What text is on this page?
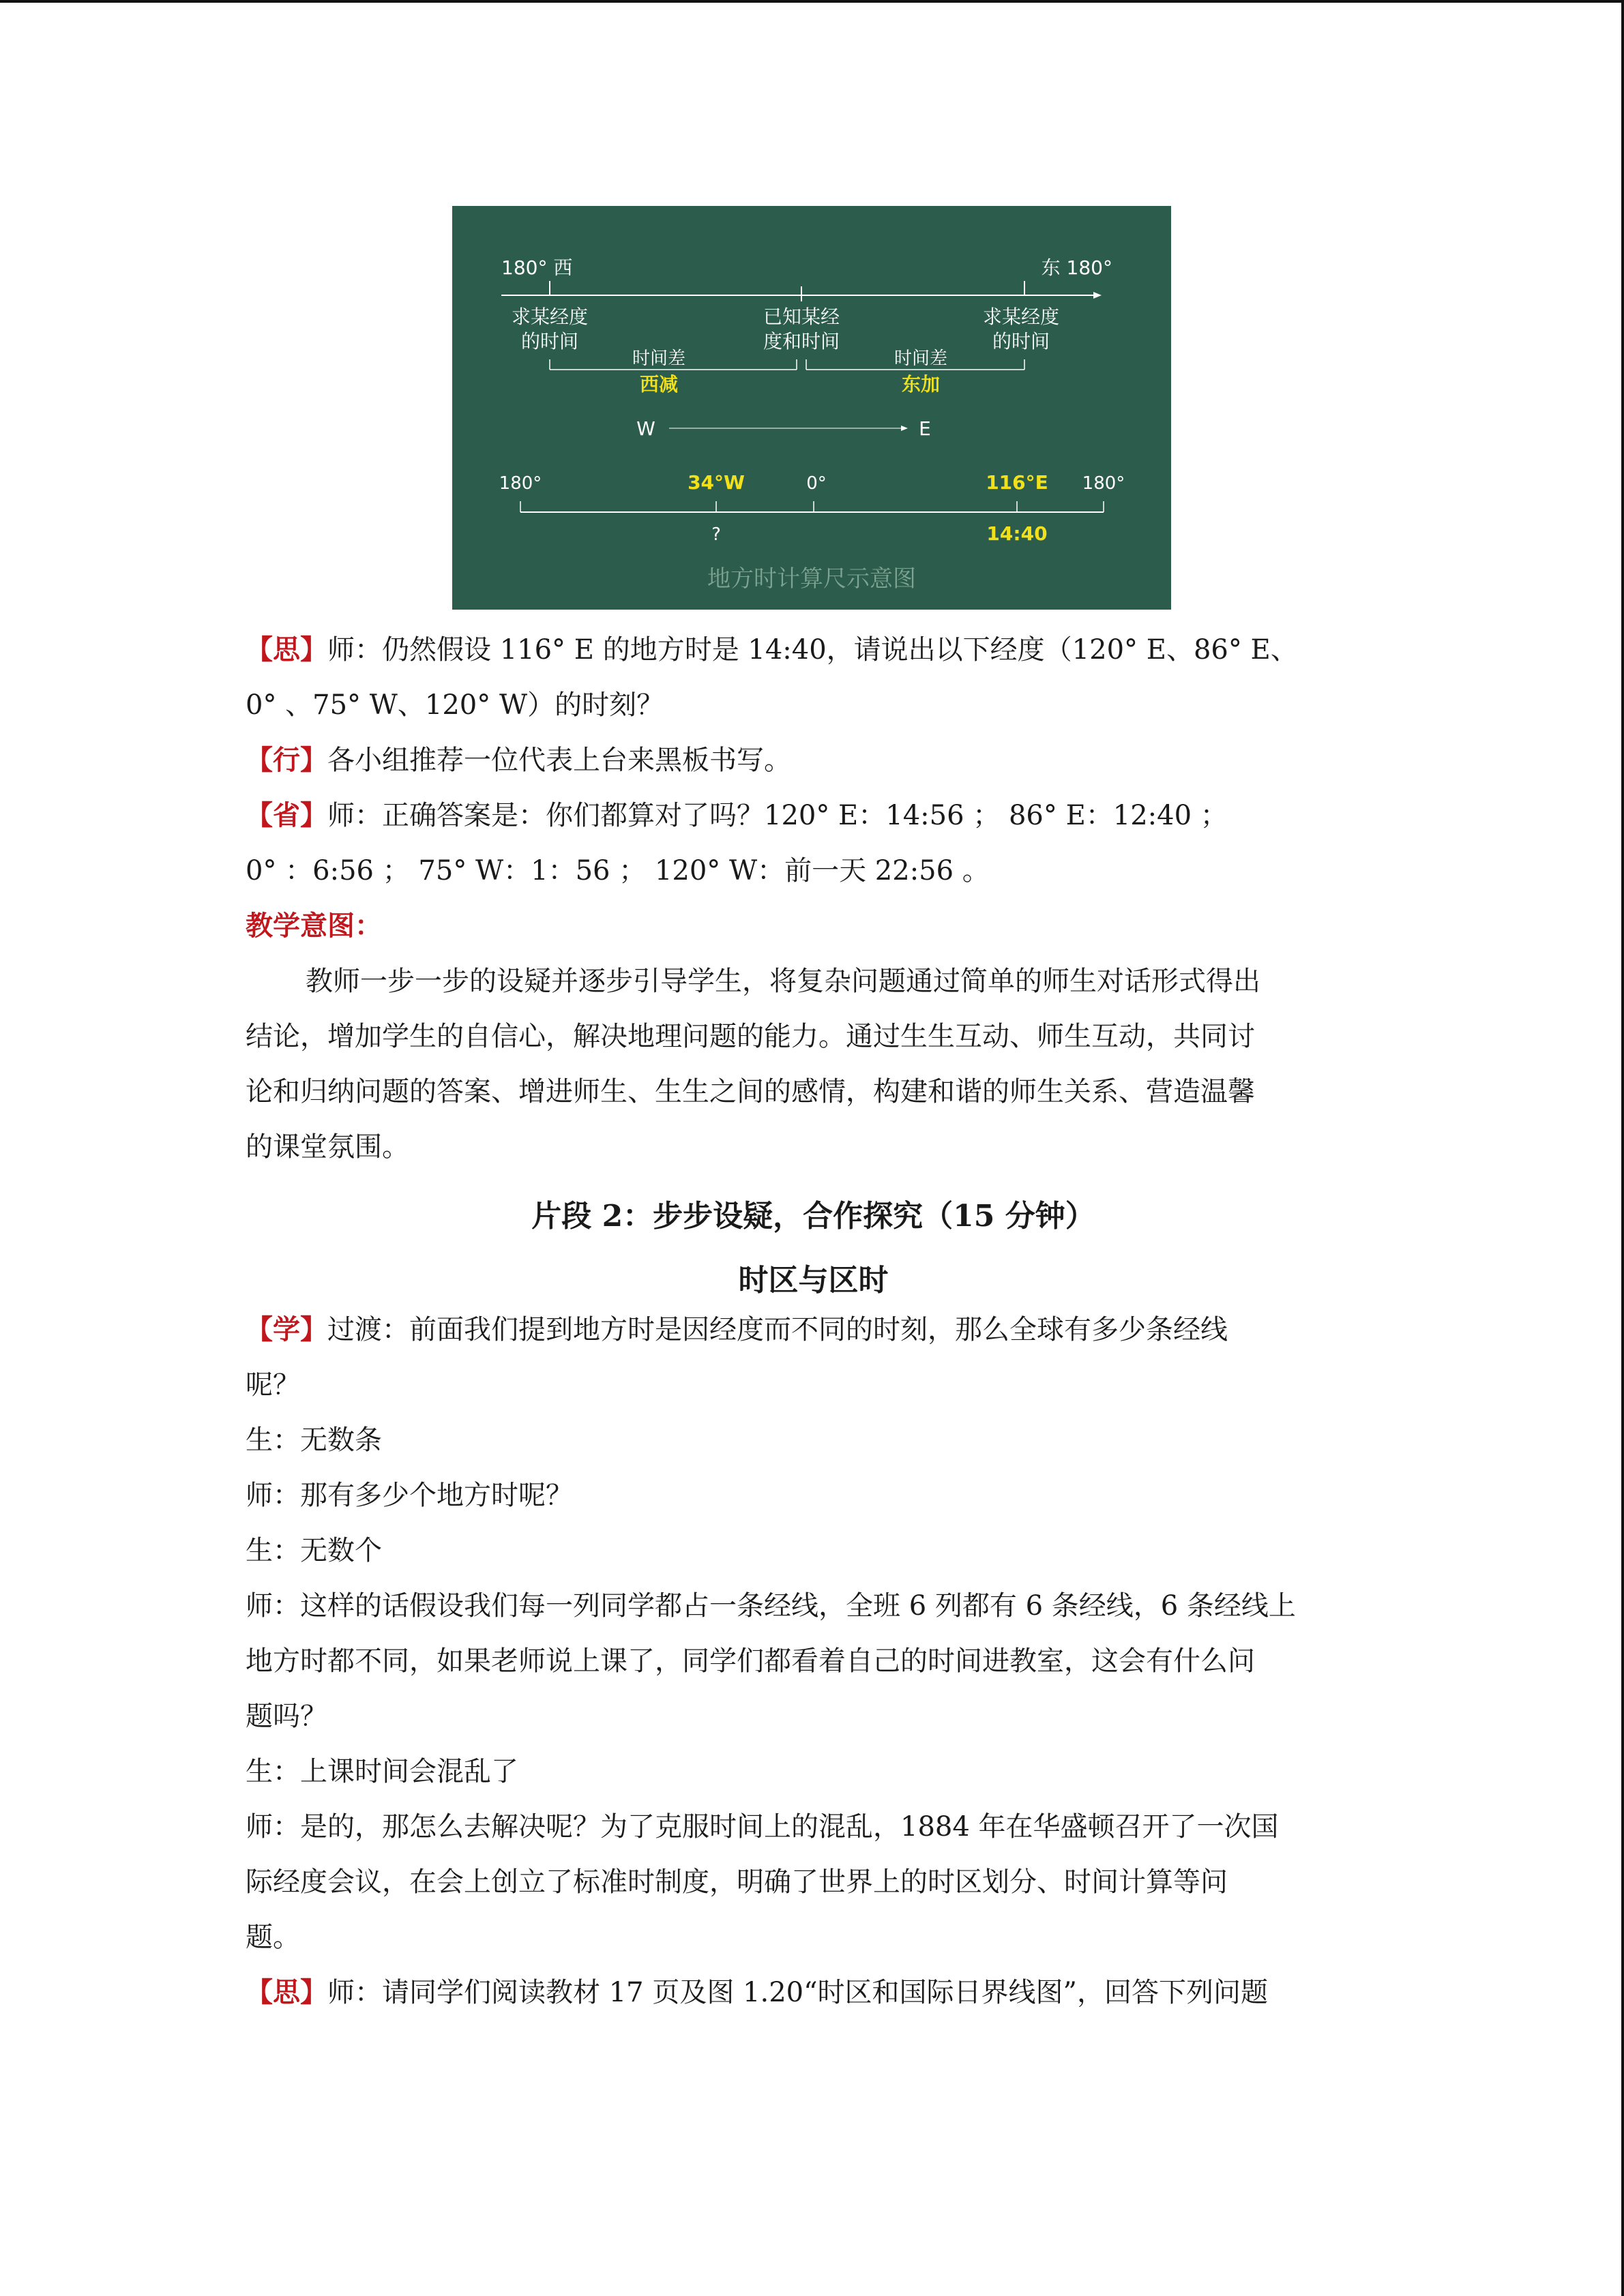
180° 西	东 180°
求某经度
的时间
已知某经
度和时间
求某经度
的时间
时间差	时间差
西减	东加
W	E
180°	34°W	0°	116°E 180°
?	14:40
地方时计算尺示意图
【思】师：仍然假设 116° E 的地方时是 14:40，请说出以下经度（120° E、86° E、
0° 、75° W、120° W）的时刻？
【行】各小组推荐一位代表上台来黑板书写。
【省】师：正确答案是：你们都算对了吗？120° E：14:56 ； 86° E：12:40 ；
0° ：6:56 ； 75° W：1：56 ； 120° W：前一天 22:56 。
教学意图：
教师一步一步的设疑并逐步引导学生，将复杂问题通过简单的师生对话形式得出
结论，增加学生的自信心，解决地理问题的能力。通过生生互动、师生互动，共同讨
论和归纳问题的答案、增进师生、生生之间的感情，构建和谐的师生关系、营造温馨
的课堂氛围。
片段 2：步步设疑，合作探究（15 分钟）
时区与区时
【学】过渡：前面我们提到地方时是因经度而不同的时刻，那么全球有多少条经线
呢？
生：无数条
师：那有多少个地方时呢？
生：无数个
师：这样的话假设我们每一列同学都占一条经线，全班 6 列都有 6 条经线，6 条经线上
地方时都不同，如果老师说上课了，同学们都看着自己的时间进教室，这会有什么问
题吗？
生：上课时间会混乱了
师：是的，那怎么去解决呢？为了克服时间上的混乱，1884 年在华盛顿召开了一次国
际经度会议，在会上创立了标准时制度，明确了世界上的时区划分、时间计算等问
题。
【思】师：请同学们阅读教材 17 页及图 1.20“时区和国际日界线图”，回答下列问题
